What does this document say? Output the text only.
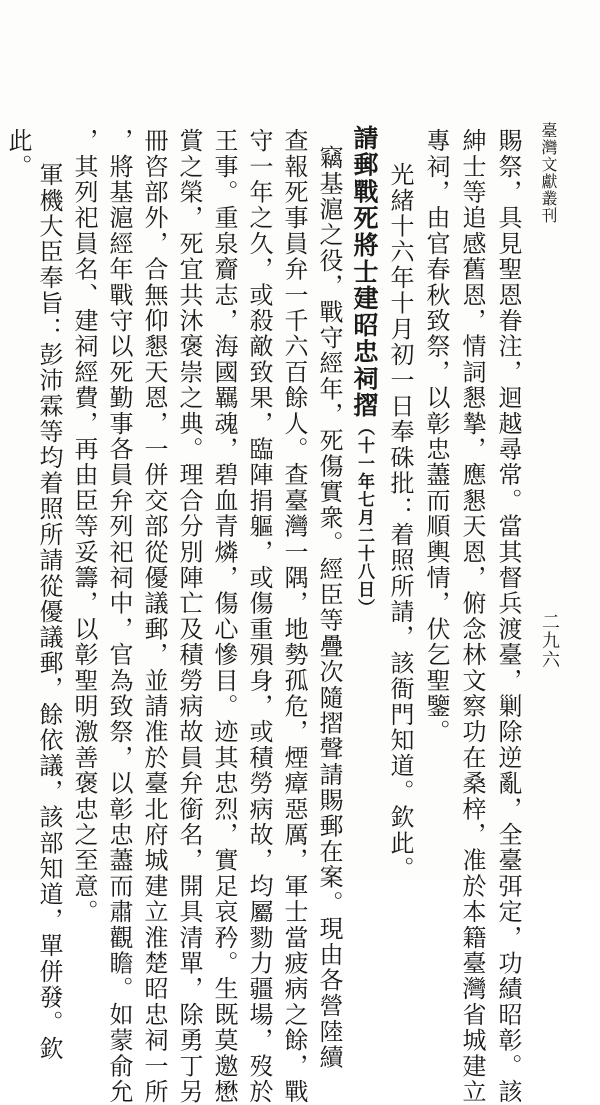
臺灣文獻叢刊
二九六
賜祭，具見聖恩眷注，迴越尋常。當其督兵渡臺，剿除逆亂，全臺弭定，功績昭彰。該
紳士等追感舊恩，情詞懇摯，應懇天恩，俯念林文察功在桑梓，准於本籍臺灣省城建立
專祠，由官春秋致祭，以彰忠藎而順輿情，伏乞聖鑒。
光緒十六年十月初一日奉硃批：着照所請，該衙門知道。欽此。
請郵戰死將士建昭忠祠摺（十一年七月二十八日）
竊基滬之役，戰守經年，死傷實衆。經臣等疊次隨摺聲請賜郵在案。現由各營陸續
查報死事員弁一千六百餘人。查臺灣一隅，地勢孤危，煙瘴惡厲，軍士當疲病之餘，戰
守一年之久，或殺敵致果，臨陣捐軀，或傷重殞身，或積勞病故，均屬勠力疆場，歿於
王事。重泉齎志，海國羈魂，碧血青燐，傷心慘目。迹其忠烈，實足哀矜。生既莫邀懋
賞之榮，死宜共沐褒崇之典。理合分別陣亡及積勞病故員弁銜名，開具清單，除勇丁另
冊咨部外，合無仰懇天恩，一併交部從優議郵，並請准於臺北府城建立淮楚昭忠祠一所
，將基滬經年戰守以死勤事各員弁列祀祠中，官為致祭，以彰忠藎而肅觀瞻。如蒙俞允
，其列祀員名、建祠經費，再由臣等妥籌，以彰聖明激善褒忠之至意。
軍機大臣奉旨：彭沛霖等均着照所請從優議郵，餘依議，該部知道，單併發。欽
此。
